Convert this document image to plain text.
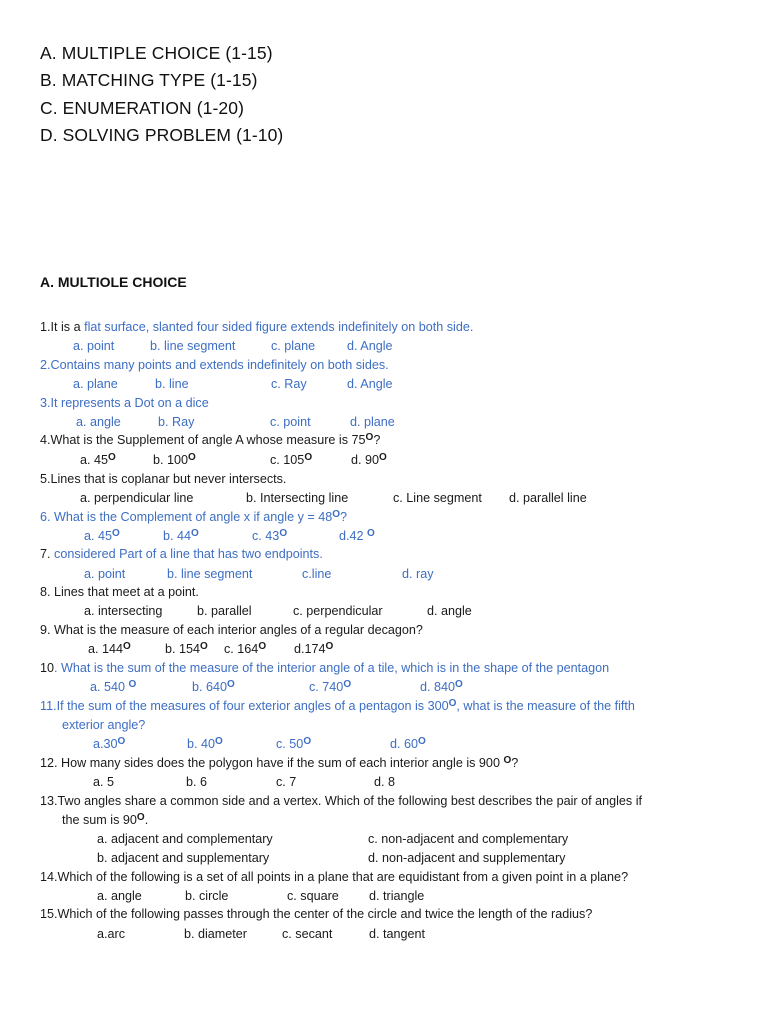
A. MULTIPLE CHOICE (1-15)
B. MATCHING TYPE (1-15)
C. ENUMERATION (1-20)
D. SOLVING PROBLEM (1-10)
A. MULTIOLE CHOICE
1.It is a flat surface, slanted four sided figure extends indefinitely on both side.
a. point	b. line segment	c. plane	d. Angle
2.Contains many points and extends indefinitely on both sides.
a. plane	b. line	c. Ray	d. Angle
3.It represents a Dot on a dice
a. angle	b. Ray	c. point	d. plane
4.What is the Supplement of angle A whose measure is $75^O$?
a. $45^O$	b. $100^O$	c. $105^O$	d. $90^O$
5.Lines that is coplanar but never intersects.
a. perpendicular line	b. Intersecting line	c. Line segment d. parallel line
6. What is the Complement of angle x if angle $y = 48^O$?
a. $45^O$	b. $44^O$	c. $43^O$	d.42 $^O$
7. considered Part of a line that has two endpoints.
a. point	b. line segment	c.line	d. ray
8. Lines that meet at a point.
a. intersecting	b. parallel	c. perpendicular	d. angle
9. What is the measure of each interior angles of a regular decagon?
a. $144^O$	b. $154^O$ c. $164^O$ $d.174^O$
10. What is the sum of the measure of the interior angle of a tile, which is in the shape of the pentagon
a. 540 $^O$	b. $640^O$	c. $740^O$	d. $840^O$
11.If the sum of the measures of four exterior angles of a pentagon is $300^O$, what is the measure of the fifth
exterior angle?
$a.30^O$	b. $40^O$	c. $50^O$	d. $60^O$
12. How many sides does the polygon have if the sum of each interior angle is 900 $^O$?
a. 5	b. 6	c. 7	d. 8
13.Two angles share a common side and a vertex. Which of the following best describes the pair of angles if
the sum is $90^O$.
a. adjacent and complementary	c. non-adjacent and complementary
b. adjacent and supplementary	d. non-adjacent and supplementary
14.Which of the following is a set of all points in a plane that are equidistant from a given point in a plane?
a. angle	b. circle	c. square d. triangle
15.Which of the following passes through the center of the circle and twice the length of the radius?
a.arc	b. diameter	c. secant	d. tangent
